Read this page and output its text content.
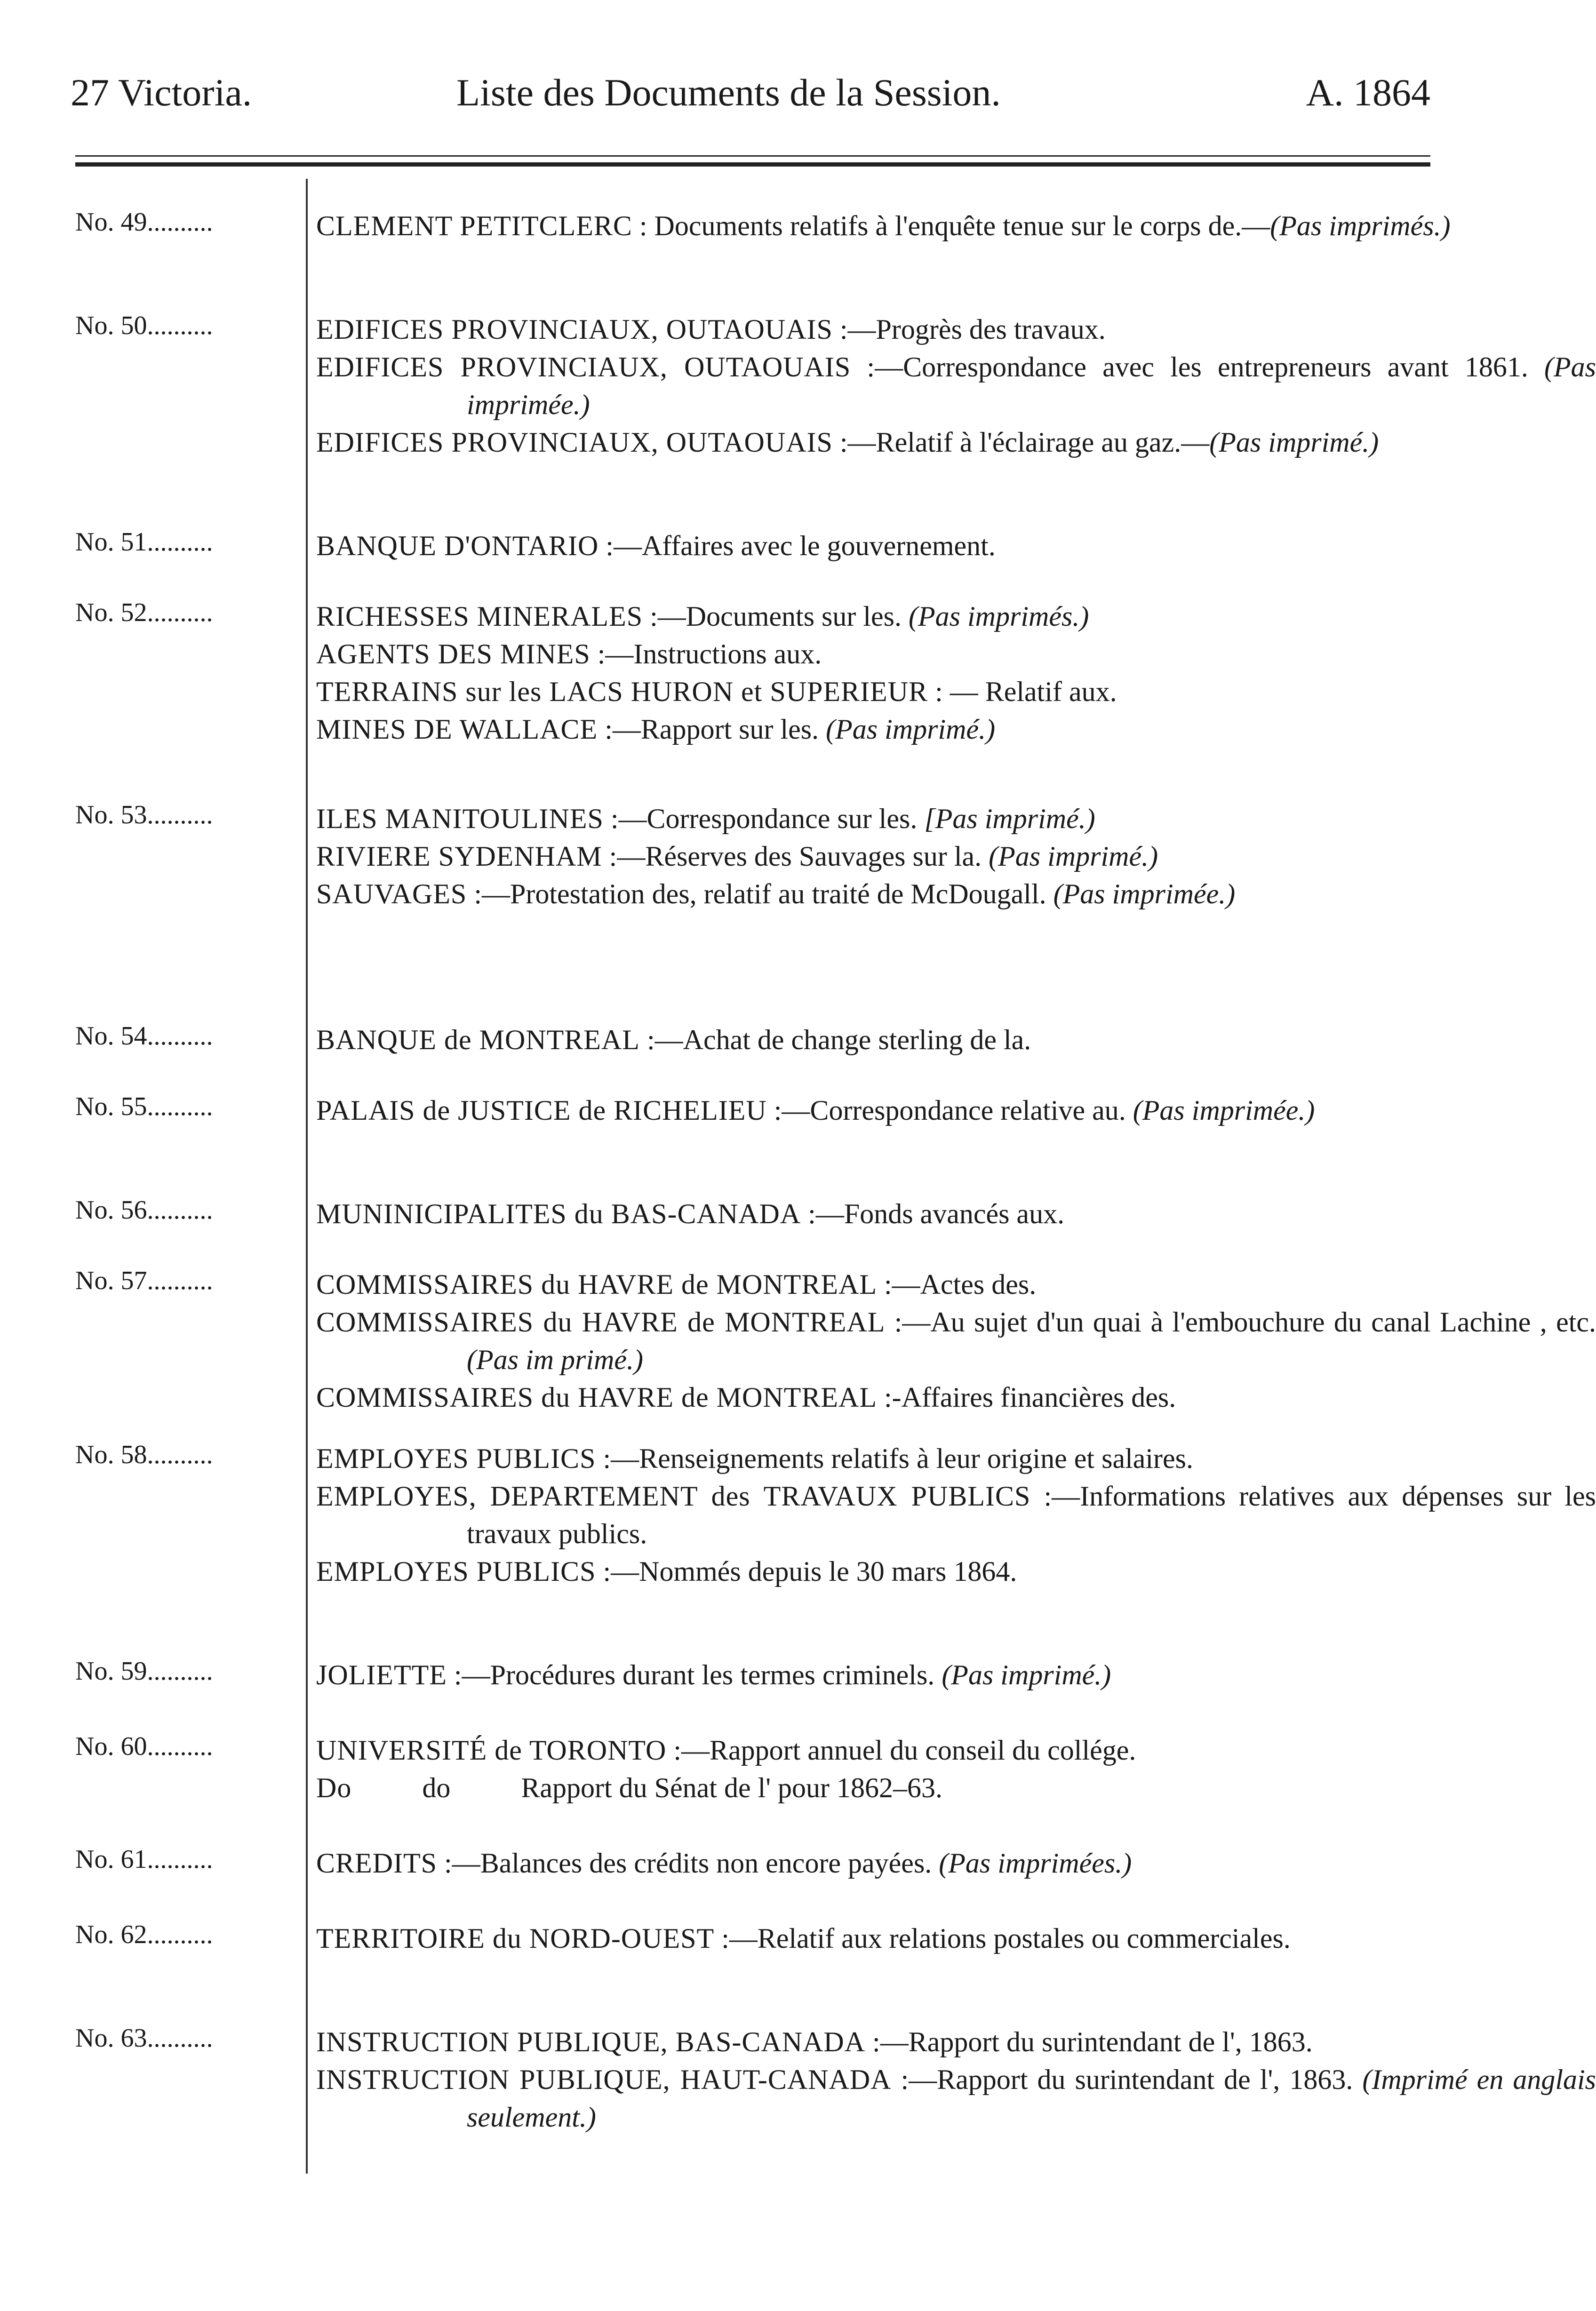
27 Victoria.	Liste des Documents de la Session.	A. 1864
No. 49..........	CLEMENT PETITCLERC : Documents relatifs à l'enquête tenue sur le corps de.—(Pas imprimés.)
No. 50..........	EDIFICES PROVINCIAUX, OUTAOUAIS :—Progrès des travaux.
EDIFICES PROVINCIAUX, OUTAOUAIS :—Correspondance avec les entrepreneurs avant 1861. (Pas imprimée.)
EDIFICES PROVINCIAUX, OUTAOUAIS :—Relatif à l'éclairage au gaz.—(Pas imprimé.)
No. 51..........	BANQUE D'ONTARIO :—Affaires avec le gouvernement.
No. 52..........	RICHESSES MINERALES :—Documents sur les. (Pas imprimés.)
AGENTS DES MINES :—Instructions aux.
TERRAINS sur les LACS HURON et SUPERIEUR : — Relatif aux.
MINES DE WALLACE :—Rapport sur les. (Pas imprimé.)
No. 53..........	ILES MANITOULINES :—Correspondance sur les. [Pas imprimé.)
RIVIERE SYDENHAM :—Réserves des Sauvages sur la. (Pas imprimé.)
SAUVAGES :—Protestation des, relatif au traité de McDougall. (Pas imprimée.)
No. 54..........	BANQUE de MONTREAL :—Achat de change sterling de la.
No. 55..........	PALAIS de JUSTICE de RICHELIEU :—Correspondance relative au. (Pas imprimée.)
No. 56..........	MUNINICIPALITES du BAS-CANADA :—Fonds avancés aux.
No. 57..........	COMMISSAIRES du HAVRE de MONTREAL :—Actes des.
COMMISSAIRES du HAVRE de MONTREAL :—Au sujet d'un quai à l'embouchure du canal Lachine , etc. (Pas im primé.)
COMMISSAIRES du HAVRE de MONTREAL :-Affaires financières des.
No. 58..........	EMPLOYES PUBLICS :—Renseignements relatifs à leur origine et salaires.
EMPLOYES, DEPARTEMENT des TRAVAUX PUBLICS :—Informations relatives aux dépenses sur les travaux publics.
EMPLOYES PUBLICS :—Nommés depuis le 30 mars 1864.
No. 59..........	JOLIETTE :—Procédures durant les termes criminels. (Pas imprimé.)
No. 60..........	UNIVERSITÉ de TORONTO :—Rapport annuel du conseil du collége.
Do          do          Rapport du Sénat de l' pour 1862–63.
No. 61..........	CREDITS :—Balances des crédits non encore payées. (Pas imprimées.)
No. 62..........	TERRITOIRE du NORD-OUEST :—Relatif aux relations postales ou commerciales.
No. 63..........	INSTRUCTION PUBLIQUE, BAS-CANADA :—Rapport du surintendant de l', 1863.
INSTRUCTION PUBLIQUE, HAUT-CANADA :—Rapport du surintendant de l', 1863. (Imprimé en anglais seulement.)
